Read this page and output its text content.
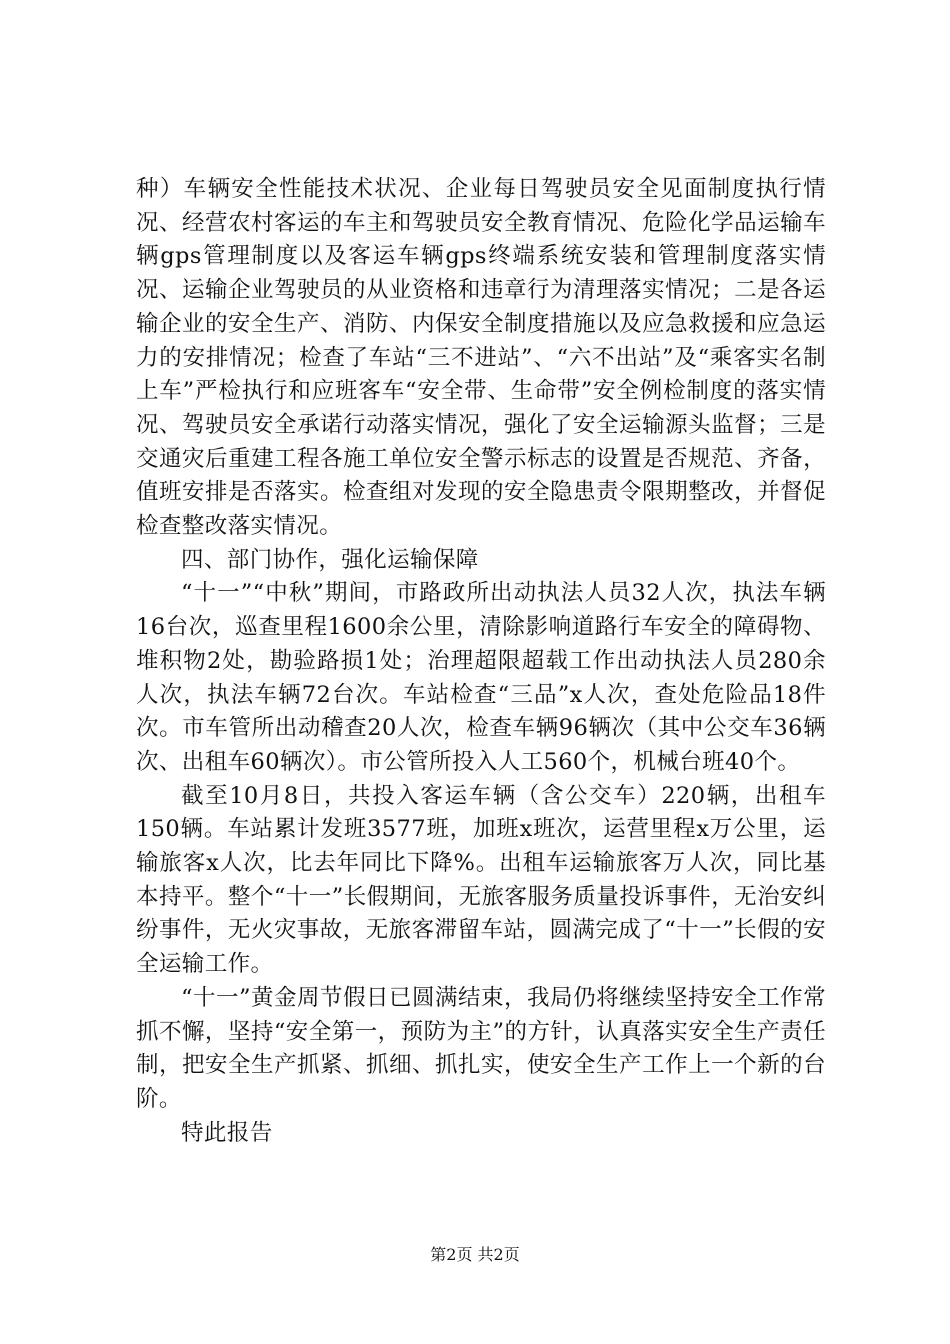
种）车辆安全性能技术状况、企业每日驾驶员安全见面制度执行情况、经营农村客运的车主和驾驶员安全教育情况、危险化学品运输车辆gps管理制度以及客运车辆gps终端系统安装和管理制度落实情况、运输企业驾驶员的从业资格和违章行为清理落实情况；二是各运输企业的安全生产、消防、内保安全制度措施以及应急救援和应急运力的安排情况；检查了车站“三不进站”、“六不出站”及“乘客实名制上车”严检执行和应班客车“安全带、生命带”安全例检制度的落实情况、驾驶员安全承诺行动落实情况，强化了安全运输源头监督；三是交通灾后重建工程各施工单位安全警示标志的设置是否规范、齐备，值班安排是否落实。检查组对发现的安全隐患责令限期整改，并督促检查整改落实情况。

四、部门协作，强化运输保障

“十一”“中秋”期间，市路政所出动执法人员32人次，执法车辆16台次，巡查里程1600余公里，清除影响道路行车安全的障碍物、堆积物2处，勘验路损1处；治理超限超载工作出动执法人员280余人次，执法车辆72台次。车站检查“三品”x人次，查处危险品18件次。市车管所出动稽查20人次，检查车辆96辆次（其中公交车36辆次、出租车60辆次）。市公管所投入人工560个，机械台班40个。

截至10月8日，共投入客运车辆（含公交车）220辆，出租车150辆。车站累计发班3577班，加班x班次，运营里程x万公里，运输旅客x人次，比去年同比下降%。出租车运输旅客万人次，同比基本持平。整个“十一”长假期间，无旅客服务质量投诉事件，无治安纠纷事件，无火灾事故，无旅客滞留车站，圆满完成了“十一”长假的安全运输工作。

“十一”黄金周节假日已圆满结束，我局仍将继续坚持安全工作常抓不懈，坚持“安全第一，预防为主”的方针，认真落实安全生产责任制，把安全生产抓紧、抓细、抓扎实，使安全生产工作上一个新的台阶。

特此报告

第2页 共2页
